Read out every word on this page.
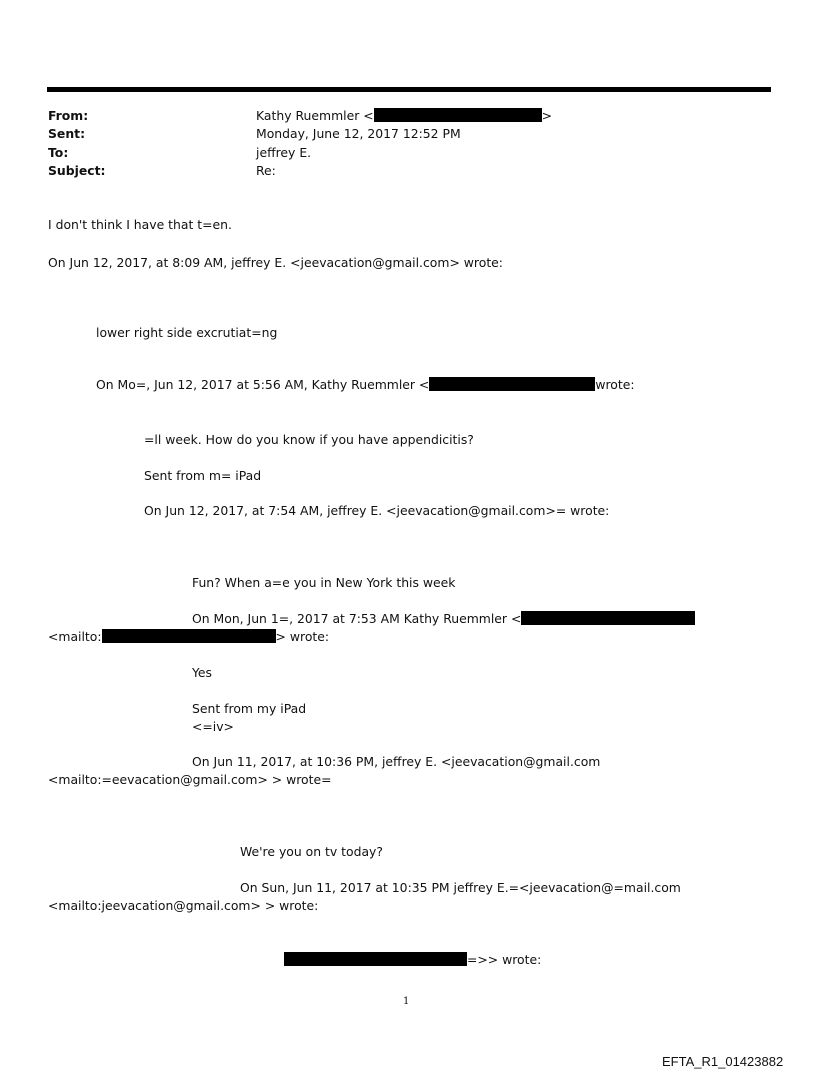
From:	Kathy Ruemmler <	>
Sent:	Monday, June 12, 2017 12:52 PM
To:	jeffrey E.
Subject:	Re:
I don't think I have that t=en.
On Jun 12, 2017, at 8:09 AM, jeffrey E. <jeevacation@gmail.com> wrote:
lower right side excrutiat=ng
On Mo=, Jun 12, 2017 at 5:56 AM, Kathy Ruemmler <	wrote:
=ll week. How do you know if you have appendicitis?
Sent from m= iPad
On Jun 12, 2017, at 7:54 AM, jeffrey E. <jeevacation@gmail.com>= wrote:
Fun? When a=e you in New York this week
On Mon, Jun 1=, 2017 at 7:53 AM Kathy Ruemmler <
<mailto:	> wrote:
Yes
Sent from my iPad
<=iv>
On Jun 11, 2017, at 10:36 PM, jeffrey E. <jeevacation@gmail.com
<mailto:=eevacation@gmail.com> > wrote=
We're you on tv today?
On Sun, Jun 11, 2017 at 10:35 PM jeffrey E.=<jeevacation@=mail.com
<mailto:jeevacation@gmail.com> > wrote:
=>> wrote:
1
EFTA_R1_01423882
